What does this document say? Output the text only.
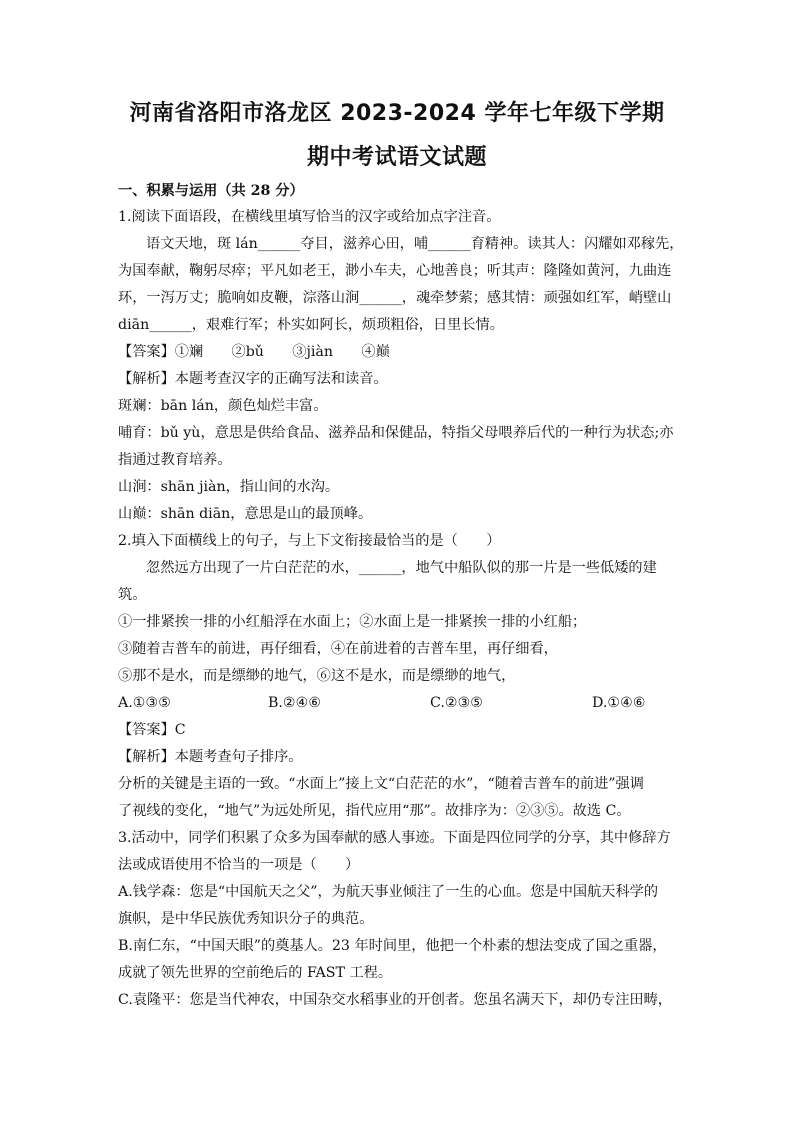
河南省洛阳市洛龙区 2023-2024 学年七年级下学期
期中考试语文试题
一、积累与运用（共 28 分）
1.阅读下面语段，在横线里填写恰当的汉字或给加点字注音。
语文天地，斑 lán______夺目，滋养心田，哺______育精神。读其人：闪耀如邓稼先，
为国奉献，鞠躬尽瘁；平凡如老王，渺小车夫，心地善良；听其声：隆隆如黄河，九曲连
环，一泻万丈；脆响如皮鞭，淙落山涧______，魂牵梦萦；感其情：顽强如红军，峭壁山
diān______，艰难行军；朴实如阿长，烦琐粗俗，日里长情。
【答案】①斓　　②bǔ　　③jiàn　　④巅
【解析】本题考查汉字的正确写法和读音。
斑斓：bān lán，颜色灿烂丰富。
哺育：bǔ yù，意思是供给食品、滋养品和保健品，特指父母喂养后代的一种行为状态;亦
指通过教育培养。
山涧：shān jiàn，指山间的水沟。
山巅：shān diān，意思是山的最顶峰。
2.填入下面横线上的句子，与上下文衔接最恰当的是（　　）
忽然远方出现了一片白茫茫的水，______，地气中船队似的那一片是一些低矮的建
筑。
①一排紧挨一排的小红船浮在水面上；②水面上是一排紧挨一排的小红船；
③随着吉普车的前进，再仔细看，④在前进着的吉普车里，再仔细看，
⑤那不是水，而是缥缈的地气，⑥这不是水，而是缥缈的地气，
A.①③⑤	B.②④⑥	C.②③⑤	D.①④⑥
【答案】C
【解析】本题考查句子排序。
分析的关键是主语的一致。“水面上”接上文“白茫茫的水”，“随着吉普车的前进”强调
了视线的变化，“地气”为远处所见，指代应用“那”。故排序为：②③⑤。故选 C。
3.活动中，同学们积累了众多为国奉献的感人事迹。下面是四位同学的分享，其中修辞方
法或成语使用不恰当的一项是（　　）
A.钱学森：您是“中国航天之父”，为航天事业倾注了一生的心血。您是中国航天科学的
旗帜，是中华民族优秀知识分子的典范。
B.南仁东，“中国天眼”的奠基人。23 年时间里，他把一个朴素的想法变成了国之重器，
成就了领先世界的空前绝后的 FAST 工程。
C.袁隆平：您是当代神农，中国杂交水稻事业的开创者。您虽名满天下，却仍专注田畴，
